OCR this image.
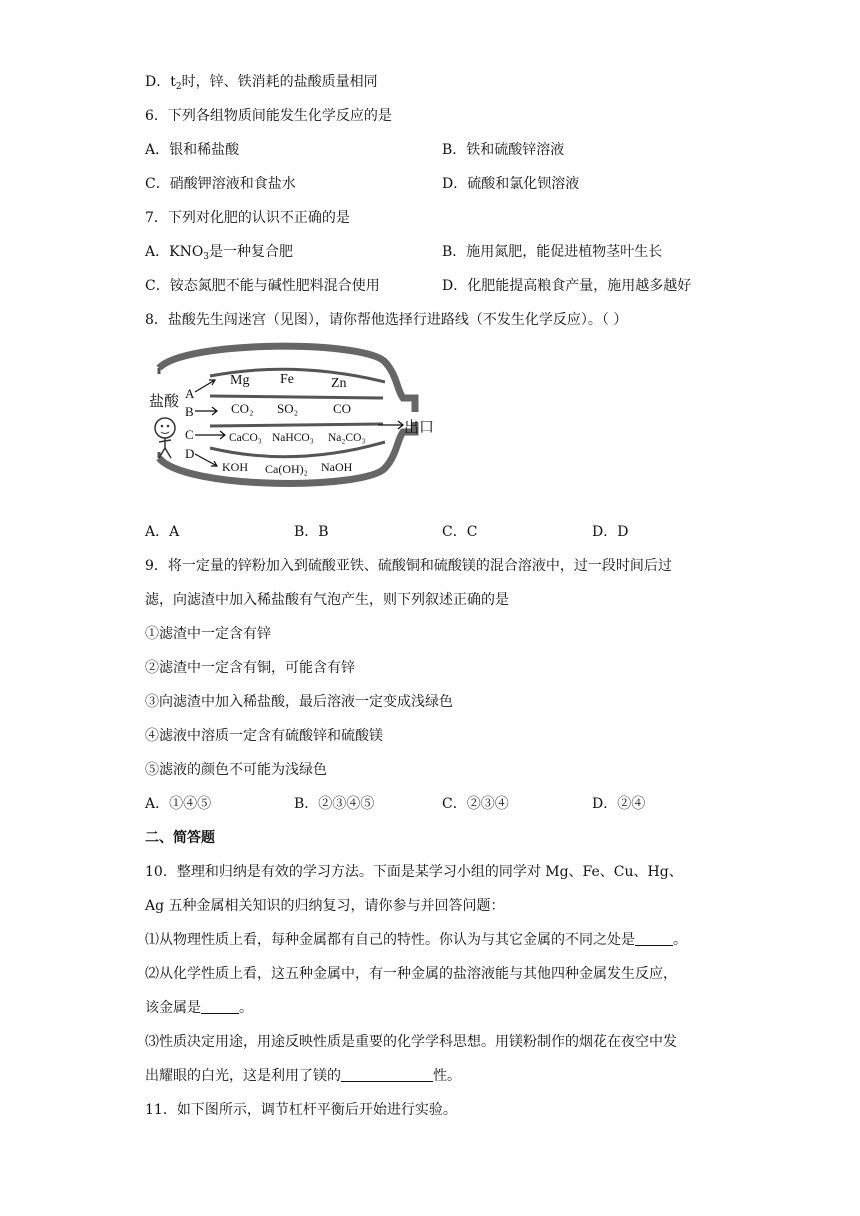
D．$t_2$时，锌、铁消耗的盐酸质量相同
6．下列各组物质间能发生化学反应的是
A．银和稀盐酸	B．铁和硫酸锌溶液
C．硝酸钾溶液和食盐水	D．硫酸和氯化钡溶液
7．下列对化肥的认识不正确的是
A．$KNO_3$是一种复合肥	B．施用氮肥，能促进植物茎叶生长
C．铵态氮肥不能与碱性肥料混合使用	D．化肥能提高粮食产量，施用越多越好
8．盐酸先生闯迷宫（见图），请你帮他选择行进路线（不发生化学反应）。（ ）
盐酸 A
B
C
D
Mg Fe	Zn
CO₂ SO₂	CO
CaCO₃ NaHCO₃ Na₂CO₃
KOH Ca(OH)₂ NaOH
出口
A．A	B．B	C．C	D．D
9．将一定量的锌粉加入到硫酸亚铁、硫酸铜和硫酸镁的混合溶液中，过一段时间后过
滤，向滤渣中加入稀盐酸有气泡产生，则下列叙述正确的是
①滤渣中一定含有锌
②滤渣中一定含有铜，可能含有锌
③向滤渣中加入稀盐酸，最后溶液一定变成浅绿色
④滤液中溶质一定含有硫酸锌和硫酸镁
⑤滤液的颜色不可能为浅绿色
A．①④⑤	B．②③④⑤	C．②③④	D．②④
二、简答题
10．整理和归纳是有效的学习方法。下面是某学习小组的同学对 Mg、Fe、Cu、Hg、
Ag 五种金属相关知识的归纳复习，请你参与并回答问题：
⑴从物理性质上看，每种金属都有自己的特性。你认为与其它金属的不同之处是	。
⑵从化学性质上看，这五种金属中，有一种金属的盐溶液能与其他四种金属发生反应，
该金属是	。
⑶性质决定用途，用途反映性质是重要的化学学科思想。用镁粉制作的烟花在夜空中发
出耀眼的白光，这是利用了镁的	性。
11．如下图所示，调节杠杆平衡后开始进行实验。
